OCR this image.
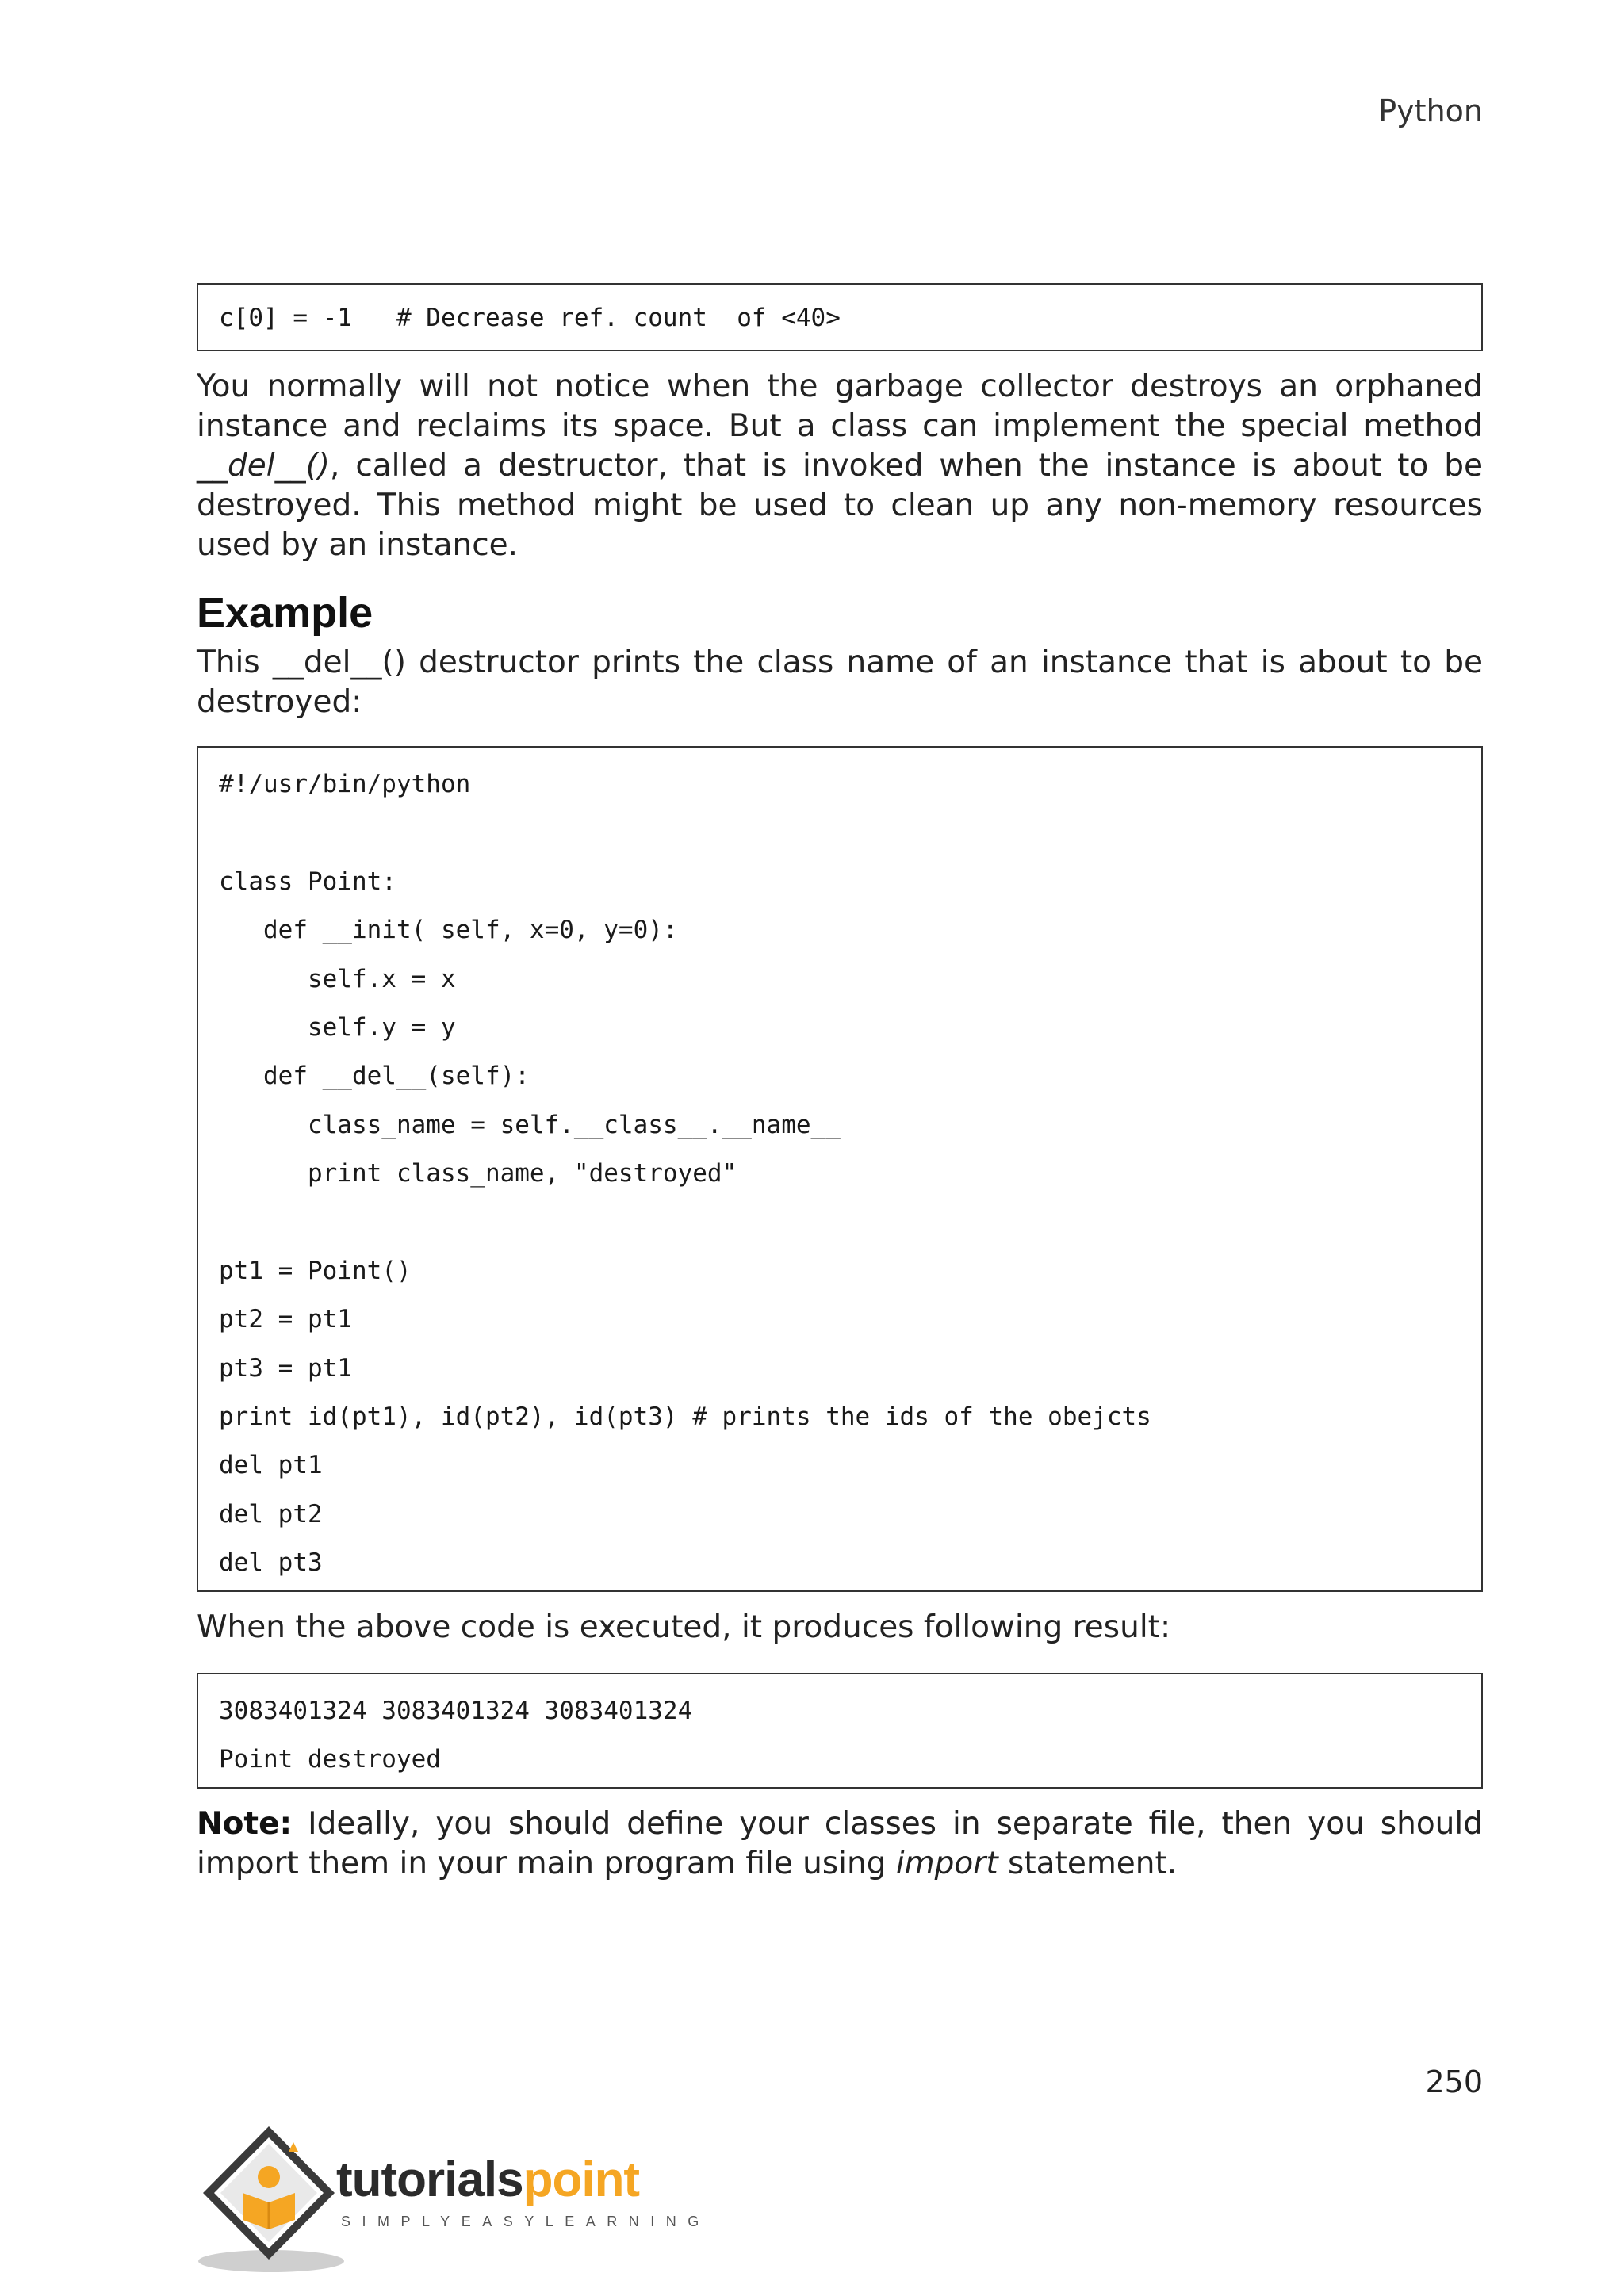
Python
c[0] = -1   # Decrease ref. count  of <40>

You normally will not notice when the garbage collector destroys an orphaned instance and reclaims its space. But a class can implement the special method __del__(), called a destructor, that is invoked when the instance is about to be destroyed. This method might be used to clean up any non-memory resources used by an instance.

Example

This __del__() destructor prints the class name of an instance that is about to be destroyed:

#!/usr/bin/python
class Point:
def __init( self, x=0, y=0):
self.x = x
self.y = y
def __del__(self):
class_name = self.__class__.__name__
print class_name, "destroyed"
pt1 = Point()
pt2 = pt1
pt3 = pt1
print id(pt1), id(pt2), id(pt3) # prints the ids of the obejcts
del pt1
del pt2
del pt3

When the above code is executed, it produces following result:

3083401324 3083401324 3083401324
Point destroyed

Note: Ideally, you should define your classes in separate file, then you should import them in your main program file using import statement.

250
tutorialspoint
SIMPLYEASYLEARNING
